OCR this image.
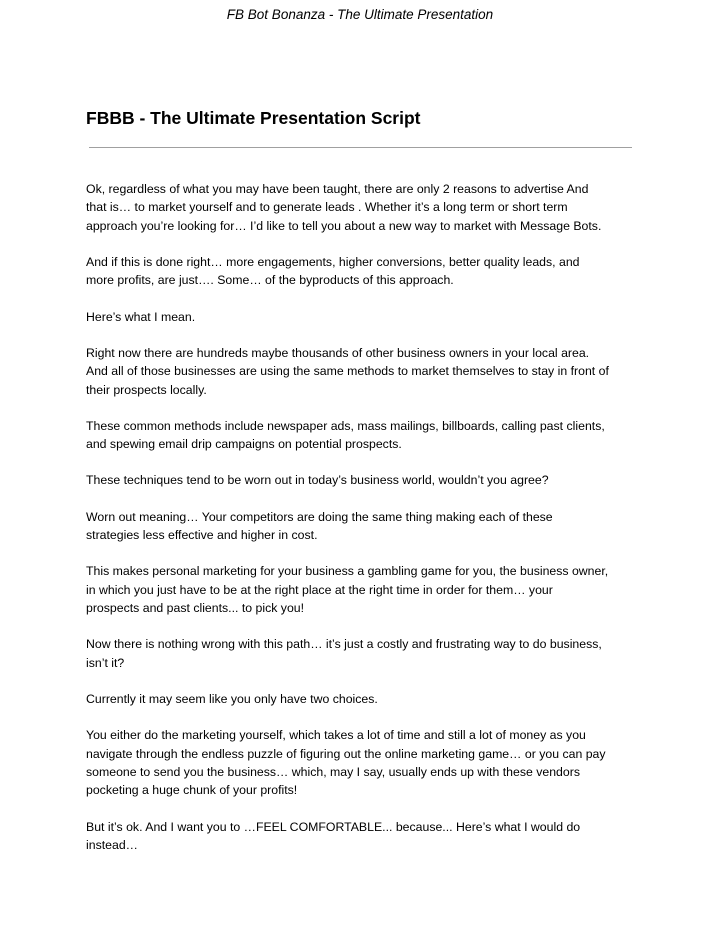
FB Bot Bonanza - The Ultimate Presentation
FBBB - The Ultimate Presentation Script

Ok, regardless of what you may have been taught, there are only 2 reasons to advertise And
that is… to market yourself and to generate leads . Whether it’s a long term or short term
approach you’re looking for… I’d like to tell you about a new way to market with Message Bots.

And if this is done right… more engagements, higher conversions, better quality leads, and
more profits, are just…. Some… of the byproducts of this approach.

Here’s what I mean.

Right now there are hundreds maybe thousands of other business owners in your local area.
And all of those businesses are using the same methods to market themselves to stay in front of
their prospects locally.

These common methods include newspaper ads, mass mailings, billboards, calling past clients,
and spewing email drip campaigns on potential prospects.

These techniques tend to be worn out in today’s business world, wouldn’t you agree?

Worn out meaning… Your competitors are doing the same thing making each of these
strategies less effective and higher in cost.

This makes personal marketing for your business a gambling game for you, the business owner,
in which you just have to be at the right place at the right time in order for them… your
prospects and past clients... to pick you!

Now there is nothing wrong with this path… it’s just a costly and frustrating way to do business,
isn’t it?

Currently it may seem like you only have two choices.

You either do the marketing yourself, which takes a lot of time and still a lot of money as you
navigate through the endless puzzle of figuring out the online marketing game… or you can pay
someone to send you the business… which, may I say, usually ends up with these vendors
pocketing a huge chunk of your profits!

But it’s ok. And I want you to …FEEL COMFORTABLE... because... Here’s what I would do
instead…
